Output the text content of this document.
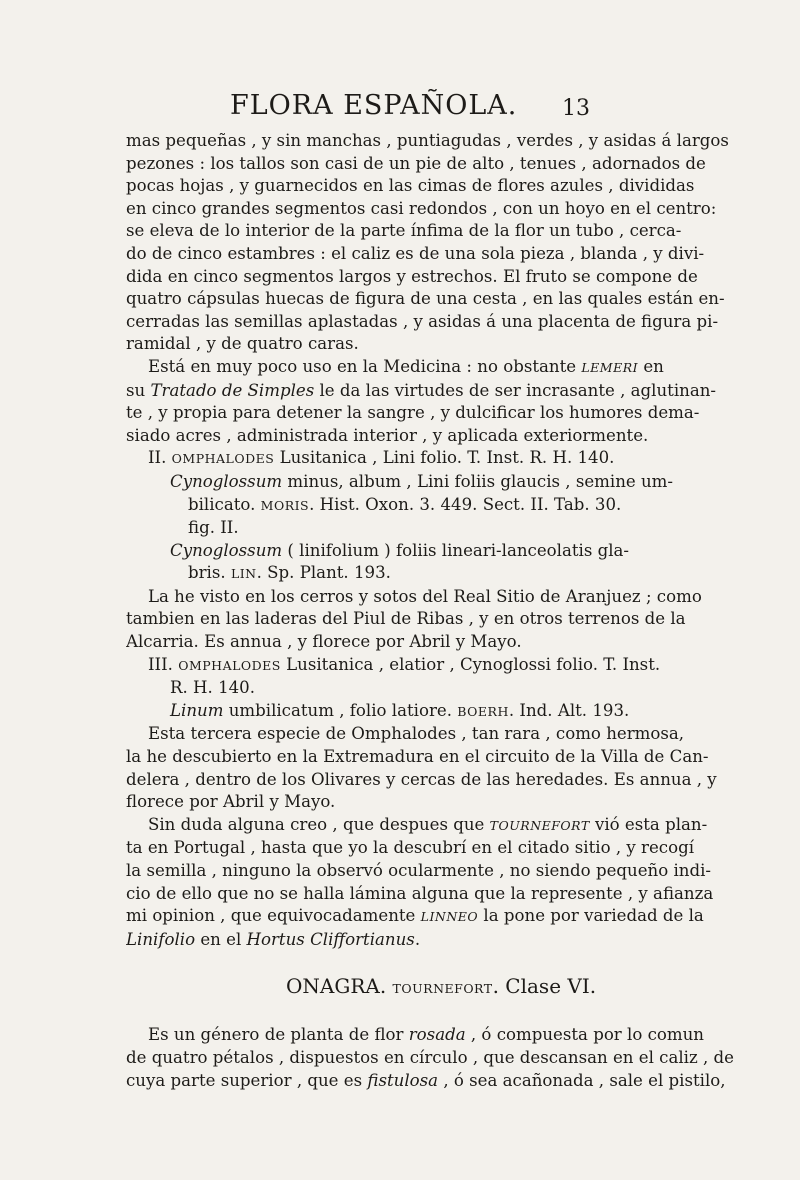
FLORA ESPAÑOLA. 13
mas pequeñas , y sin manchas , puntiagudas , verdes , y asidas á largos
pezones : los tallos son casi de un pie de alto , tenues , adornados de
pocas hojas , y guarnecidos en las cimas de flores azules , divididas
en cinco grandes segmentos casi redondos , con un hoyo en el centro:
se eleva de lo interior de la parte ínfima de la flor un tubo , cerca-
do de cinco estambres : el caliz es de una sola pieza , blanda , y divi-
dida en cinco segmentos largos y estrechos. El fruto se compone de
quatro cápsulas huecas de figura de una cesta , en las quales están en-
cerradas las semillas aplastadas , y asidas á una placenta de figura pi-
ramidal , y de quatro caras.
Está en muy poco uso en la Medicina : no obstante LEMERI en
su Tratado de Simples le da las virtudes de ser incrasante , aglutinan-
te , y propia para detener la sangre , y dulcificar los humores dema-
siado acres , administrada interior , y aplicada exteriormente.
II. OMPHALODES Lusitanica , Lini folio. T. Inst. R. H. 140.
Cynoglossum minus, album , Lini foliis glaucis , semine um-
bilicato. MORIS. Hist. Oxon. 3. 449. Sect. II. Tab. 30.
fig. II.
Cynoglossum ( linifolium ) foliis lineari-lanceolatis gla-
bris. LIN. Sp. Plant. 193.
La he visto en los cerros y sotos del Real Sitio de Aranjuez ; como
tambien en las laderas del Piul de Ribas , y en otros terrenos de la
Alcarria. Es annua , y florece por Abril y Mayo.
III. OMPHALODES Lusitanica , elatior , Cynoglossi folio. T. Inst.
R. H. 140.
Linum umbilicatum , folio latiore. BOERH. Ind. Alt. 193.
Esta tercera especie de Omphalodes , tan rara , como hermosa,
la he descubierto en la Extremadura en el circuito de la Villa de Can-
delera , dentro de los Olivares y cercas de las heredades. Es annua , y
florece por Abril y Mayo.
Sin duda alguna creo , que despues que TOURNEFORT vió esta plan-
ta en Portugal , hasta que yo la descubrí en el citado sitio , y recogí
la semilla , ninguno la observó ocularmente , no siendo pequeño indi-
cio de ello que no se halla lámina alguna que la represente , y afianza
mi opinion , que equivocadamente LINNEO la pone por variedad de la
Linifolio en el Hortus Cliffortianus.
ONAGRA. TOURNEFORT. Clase VI.
Es un género de planta de flor rosada , ó compuesta por lo comun
de quatro pétalos , dispuestos en círculo , que descansan en el caliz , de
cuya parte superior , que es fistulosa , ó sea acañonada , sale el pistilo,
